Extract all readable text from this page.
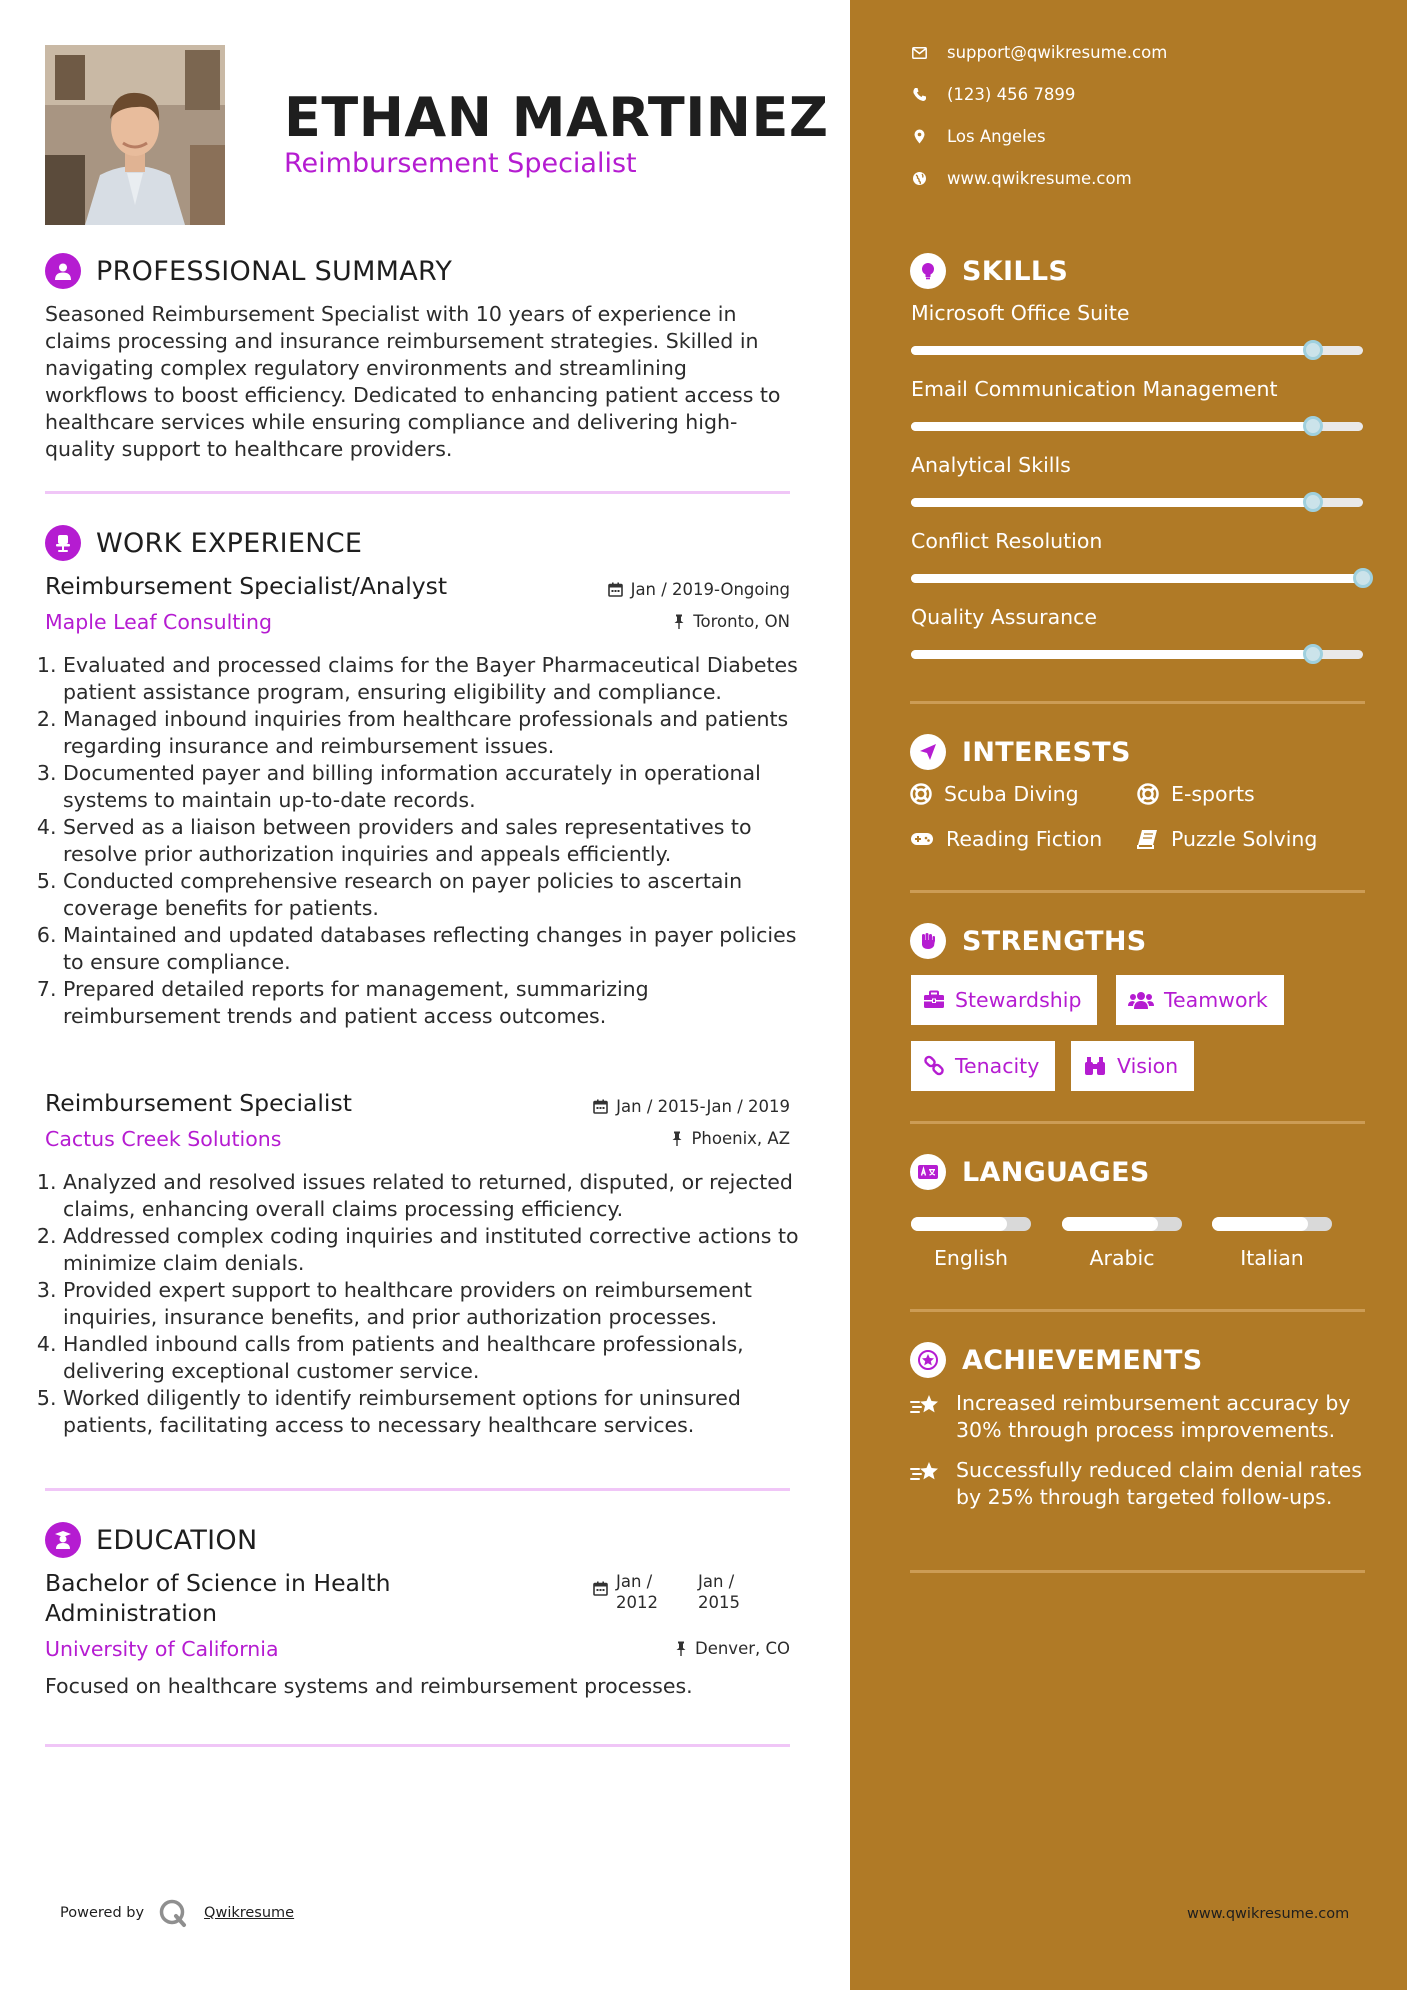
ETHAN MARTINEZ
Reimbursement Specialist
PROFESSIONAL SUMMARY
Seasoned Reimbursement Specialist with 10 years of experience in claims processing and insurance reimbursement strategies. Skilled in navigating complex regulatory environments and streamlining workflows to boost efficiency. Dedicated to enhancing patient access to healthcare services while ensuring compliance and delivering high-quality support to healthcare providers.
WORK EXPERIENCE
Reimbursement Specialist/Analyst	Jan / 2019-Ongoing
Maple Leaf Consulting	Toronto, ON
1. Evaluated and processed claims for the Bayer Pharmaceutical Diabetes patient assistance program, ensuring eligibility and compliance.
2. Managed inbound inquiries from healthcare professionals and patients regarding insurance and reimbursement issues.
3. Documented payer and billing information accurately in operational systems to maintain up-to-date records.
4. Served as a liaison between providers and sales representatives to resolve prior authorization inquiries and appeals efficiently.
5. Conducted comprehensive research on payer policies to ascertain coverage benefits for patients.
6. Maintained and updated databases reflecting changes in payer policies to ensure compliance.
7. Prepared detailed reports for management, summarizing reimbursement trends and patient access outcomes.
Reimbursement Specialist	Jan / 2015-Jan / 2019
Cactus Creek Solutions	Phoenix, AZ
1. Analyzed and resolved issues related to returned, disputed, or rejected claims, enhancing overall claims processing efficiency.
2. Addressed complex coding inquiries and instituted corrective actions to minimize claim denials.
3. Provided expert support to healthcare providers on reimbursement inquiries, insurance benefits, and prior authorization processes.
4. Handled inbound calls from patients and healthcare professionals, delivering exceptional customer service.
5. Worked diligently to identify reimbursement options for uninsured patients, facilitating access to necessary healthcare services.
EDUCATION
Bachelor of Science in Health Administration
Jan / 2012
Jan / 2015
University of California	Denver, CO
Focused on healthcare systems and reimbursement processes.
Powered by	Qwikresume
support@qwikresume.com
(123) 456 7899
Los Angeles
www.qwikresume.com
SKILLS
Microsoft Office Suite
Email Communication Management
Analytical Skills
Conflict Resolution
Quality Assurance
INTERESTS
Scuba Diving	E-sports
Reading Fiction	Puzzle Solving
STRENGTHS
Stewardship	Teamwork
Tenacity	Vision
LANGUAGES
English	Arabic	Italian
ACHIEVEMENTS
Increased reimbursement accuracy by 30% through process improvements.
Successfully reduced claim denial rates by 25% through targeted follow-ups.
www.qwikresume.com
